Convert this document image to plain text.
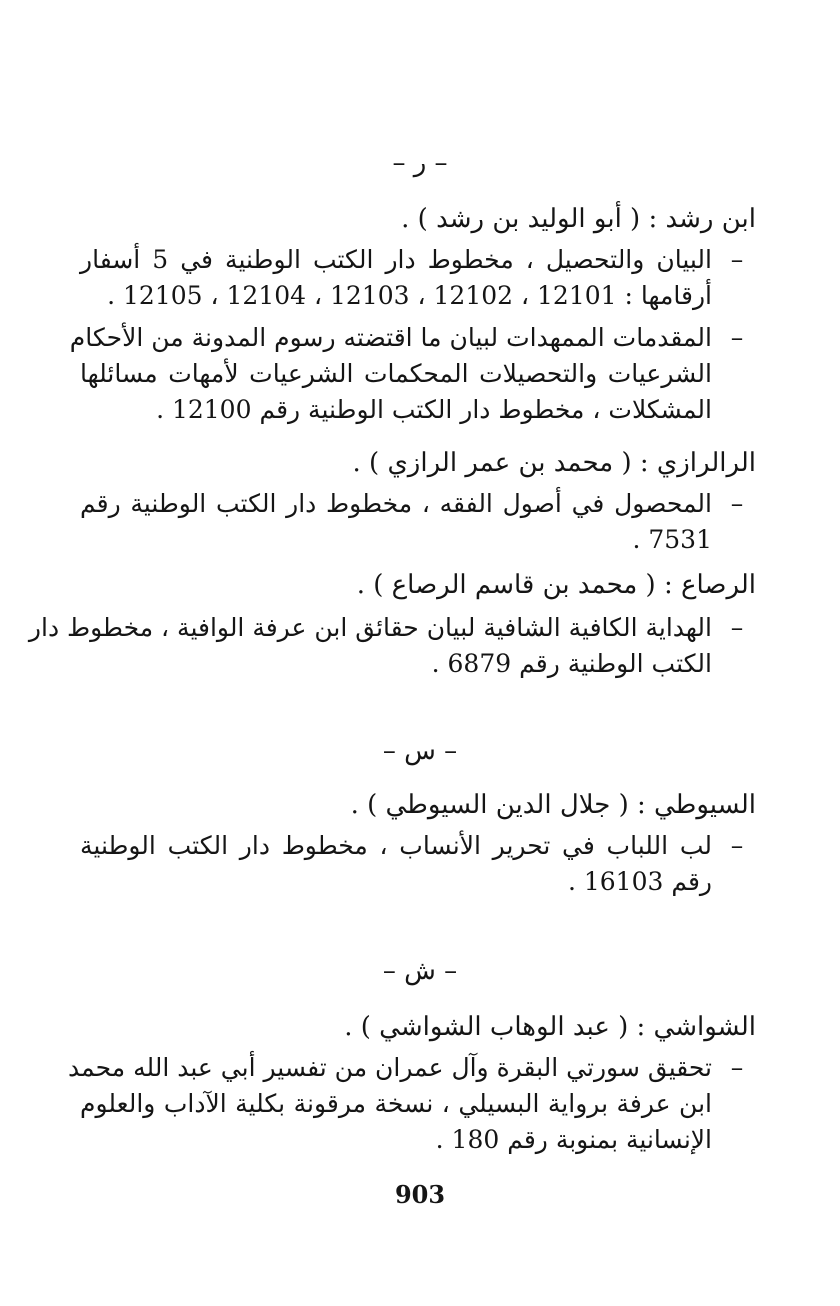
– ر –
ابن رشد : ( أبو الوليد بن رشد ) .
–
البيان والتحصيل ، مخطوط دار الكتب الوطنية في 5 أسفار
أرقامها : 12101 ، 12102 ، 12103 ، 12104 ، 12105 .
–
المقدمات الممهدات لبيان ما اقتضته رسوم المدونة من الأحكام
الشرعيات والتحصيلات المحكمات الشرعيات لأمهات مسائلها
المشكلات ، مخطوط دار الكتب الوطنية رقم 12100 .
الرالرازي : ( محمد بن عمر الرازي ) .
–
المحصول في أصول الفقه ، مخطوط دار الكتب الوطنية رقم
7531 .
الرصاع : ( محمد بن قاسم الرصاع ) .
–
الهداية الكافية الشافية لبيان حقائق ابن عرفة الوافية ، مخطوط دار
الكتب الوطنية رقم 6879 .
– س –
السيوطي : ( جلال الدين السيوطي ) .
–
لب اللباب في تحرير الأنساب ، مخطوط دار الكتب الوطنية
رقم 16103 .
– ش –
الشواشي : ( عبد الوهاب الشواشي ) .
–
تحقيق سورتي البقرة وآل عمران من تفسير أبي عبد الله محمد
ابن عرفة برواية البسيلي ، نسخة مرقونة بكلية الآداب والعلوم
الإنسانية بمنوبة رقم 180 .
903
